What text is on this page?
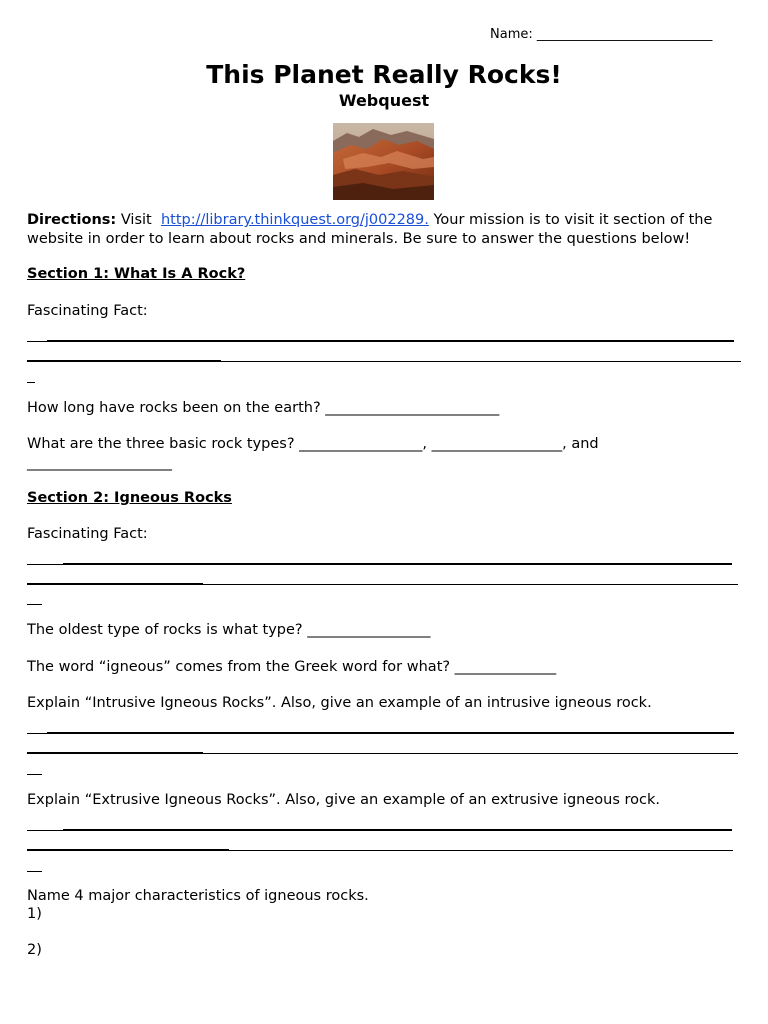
Name: ___________________________
This Planet Really Rocks!
Webquest
Directions: Visit http://library.thinkquest.org/j002289. Your mission is to visit it section of the
website in order to learn about rocks and minerals. Be sure to answer the questions below!
Section 1: What Is A Rock?
Fascinating Fact:
How long have rocks been on the earth? ________________________
What are the three basic rock types? _________________, __________________, and
____________________
Section 2: Igneous Rocks
Fascinating Fact:
The oldest type of rocks is what type? _________________
The word “igneous” comes from the Greek word for what? ______________
Explain “Intrusive Igneous Rocks”. Also, give an example of an intrusive igneous rock.
Explain “Extrusive Igneous Rocks”. Also, give an example of an extrusive igneous rock.
Name 4 major characteristics of igneous rocks.
1)
2)
